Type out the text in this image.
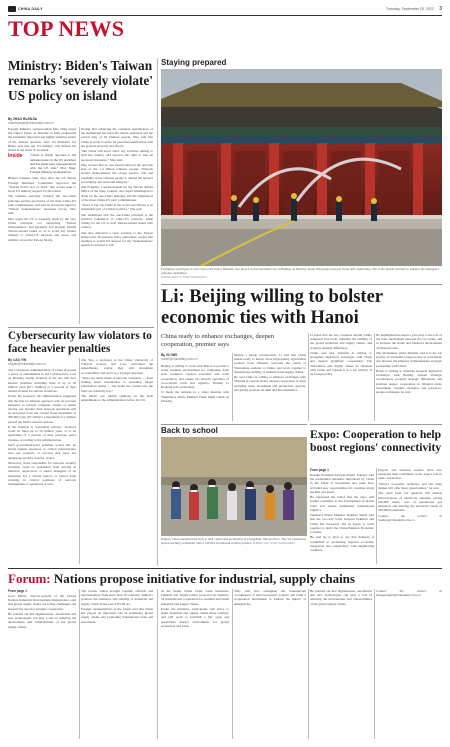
CHINA DAILY	Tuesday, September 20, 2022 3
TOP NEWS
Ministry: Biden's Taiwan remarks 'severely violate' US policy on island
By ZHAO HUANJIA
zhaohuanjia@chinadaily.com.cn

Foreign Ministry spokeswoman Mao Ning urged the United States on Monday to fully understand the extremely important and highly sensitive nature of the Taiwan question, after US President Joe Biden said that the US military will defend the island in the event of an attack.

Inside	"China is firmly opposed to the remarks made by the US president and has made stern representations with the US side." Mao Ning, Foreign Ministry spokesperson

Biden's remarks came days after the US Senate Foreign Relations Committee approved the "Taiwan Policy Act of 2022" that would seek to boost US military support for the island.

The remarks seriously violated the one-China principle and the provisions of the three China-US joint communiques, and sent an erroneous signal to "Taiwan independence" separatist forces, Mao said.

Mao urged the US to earnestly abide by the one-China principle, not supporting "Taiwan independence" and prudently and properly handle Taiwan-related issues so as to avoid any further damage to China-US relations and peace and stability across the Taiwan Straits.

Noting that achieving the complete reunification of the motherland has been the shared aspiration and the sacred duty of all Chinese people, Mao said that China is ready to strive for peaceful reunification with the greatest sincerity and efforts.

"But China will never allow any activities aiming to split the country, and reserves the right to take all necessary measures," Mao said.

Mao warned that no one should stand on the opposite side of the 1.4 billion Chinese people. "Nobody should underestimate the strong resolve, will and capability of the Chinese people to defend the nation's sovereignty and territorial integrity."

Zhu Fenglian, a spokeswoman for the Taiwan Affairs Office of the State Council, also urged Washington to abide by the one-China principle and the stipulations of the three China-US joint communiques.

"There is but one China in the world and Taiwan is an inalienable part of China's territory," Zhu said.

She underlined that the one-China principle is the political foundation of China-US relations, while calling for the US to treat Taiwan-related issues with caution.

Zhu also delivered a stern warning to the Taiwan Democratic Progressive Party authorities, saying that attempts to solicit US support for the "independence" agenda is doomed to fail.

Cybersecurity law violators to face heavier penalties
By CAO YIN
caoyin@chinadaily.com.cn

The Cyberspace Administration of China proposed a series of amendments to the Cybersecurity Law on Monday, saying violators of the law will face heavier penalties, including fines of up to 50 million yuan ($7.1 million) or 5 percent of their annual revenue for serious violations.

Under the proposal, the administration suggested that the fine for Internet operators who do not take measures to prevent computer viruses or online attacks, nor monitor their network operations will be increased from the current fixed maximum of 500,000 yuan ($71,000) to a maximum of 1 million yuan if the harm caused is serious.

If the situation is "extremely serious," violators could be fined up to 50 million yuan, or to an equivalent of 5 percent of their previous year's revenue, according to the administration.

Such government-level penalties would also be levied against operators of critical infrastructure who use products or services that have not undergone security reviews, it said.

Moreover, those responsible for network security incidents could be prohibited from serving as directors, supervisors or senior managers of an enterprise for a certain period, or barred from working in critical positions of network management or operations, it said.

Zhu Wei, a professor at the China University of Political Science and Law, welcomed the amendments, saying they will strengthen accountability and serve as a stronger deterrent.

"There are many kinds of network violations — from leaking users' information to spreading illegal information online — but under the current law, the fines are relatively low."

The public can submit opinions on the draft amendments to the administration before Oct 29.

Staying prepared
Firefighters participate in a fire drill at the Palace Museum, also known as the Forbidden City, in Beijing, on Monday. About 200 people took part in the drill, replicating a fire at the ancient structure to enhance fire emergency response capabilities.
ZHANG XIAOYI / FOR CHINA DAILY
Li: Beijing willing to bolster economic ties with Hanoi
China ready to enhance exchanges, deepen cooperation, premier says
By XU WEI
xuwei@chinadaily.com.cn

Beijing is willing to work with Hanoi to provide a better business environment for companies from both countries, expand economic and trade cooperation, and ensure the smooth operation of cross-border trade and logistics, Premier Li Keqiang said on Monday.

Li made the remarks in a video meeting with Vietnamese Prime Minister Pham Minh Chinh on Monday.

During a phone conversation, Li said that China stands ready to import more high-quality agricultural produce from Vietnam, welcome the return of Vietnamese students to China, and work together to maintain the stability of industrial and supply chains.

He said China is willing to enhance exchanges with Vietnam at various levels, deepen cooperation in areas including trade, investment and production capacity, and jointly promote the Belt and Road Initiative.

Li noted that the two countries should jointly safeguard free trade, maintain the stability of the global industrial and supply chains, and properly manage differences.

Chinh said that Vietnam is willing to strengthen high-level exchanges with China and deepen pragmatic cooperation. The Vietnamese side highly values its relations with China and regards it as a top priority of its foreign policy.

He highlighted the need to give play to the role of the trade mechanism between the two sides, and to promote the stable and balanced development of bilateral trade.

The Vietnamese prime minister said it is the top priority of Vietnam's foreign policy to consolidate and develop the bilateral comprehensive strategic partnership with China.

Hanoi is willing to maintain frequent high-level exchanges with Beijing, deepen strategic coordination, properly manage differences and promote deeper cooperation in bilateral trade, investment, customs clearance and people-to-people exchanges, he said.

Back to school
Primary school students head back to their classrooms on Monday in Changchun, Jilin province. The city resumed in-person teaching on Monday after a COVID-19 outbreak in Jilin province. ZHANG YAO / FOR CHINA DAILY
Expo: Cooperation to help boost regions' connectivity
From page 1

Kazakh President Kassym-Jomart Tokayev said the preferential measures introduced by China in the fields of investment and trade have provided new opportunities for countries along the Belt and Road.

He expressed the belief that the expo will further contribute to the development of global trade and ensure unimpeded international logistics.

Pakistan's Prime Minister Shahbaz Sharif said that the two-way trade between Pakistan and China has increased, and he hopes to work together to build the China-Pakistan Economic Corridor.

He said he is glad to see that Pakistan is committed to promoting regional economic integration and connectivity with neighboring countries.

Experts and business leaders have also expressed their confidence in the expo's role in trade cooperation.

"China's economic resilience and the huge market will offer more opportunities," he said.

The wind farm can generate 320 million kilowatt-hours of electricity annually, saving 100,000 metric tons of greenhouse gas emissions and meeting the electricity needs of 320,000 households.

Contact the writers at liuzhen@chinadaily.com.cn

Forum: Nations propose initiative for industrial, supply chains
From page 1

Gerd Müller, director-general of the United Nations Industrial Development Organization, said that global supply chains are facing challenges and stressed the need for stronger cooperation.

He pointed out that digitalization, automation and new technologies can play a role in reducing the uncertainties and vulnerabilities of the global supply chains.

The forum, which brought together officials and representatives from more than 10 countries, aimed to promote the resilience and stability of industrial and supply chains in the post-COVID era.

Foreign representatives at the forum said that China has played an important role in stabilizing global supply chains and promoting international trade and investment.

At the forum, China, Chile, Cuba, Indonesia, Pakistan and Serbia jointly proposed an initiative on international cooperation for resilient and stable industrial and supply chains.

Under the initiative, participants will strive to make industrial and supply chains more resilient, and will work to establish a fair, open and predictable market environment for global production and trade.

They will also strengthen the international coordination of macroeconomic policies and build a cooperation mechanism to address the impact of emergencies.

He pointed out that digitalization, automation and new technologies can play a role in reducing the uncertainties and vulnerabilities of the global supply chains.

Contact the writers at zhangyangfei@chinadaily.com.cn
